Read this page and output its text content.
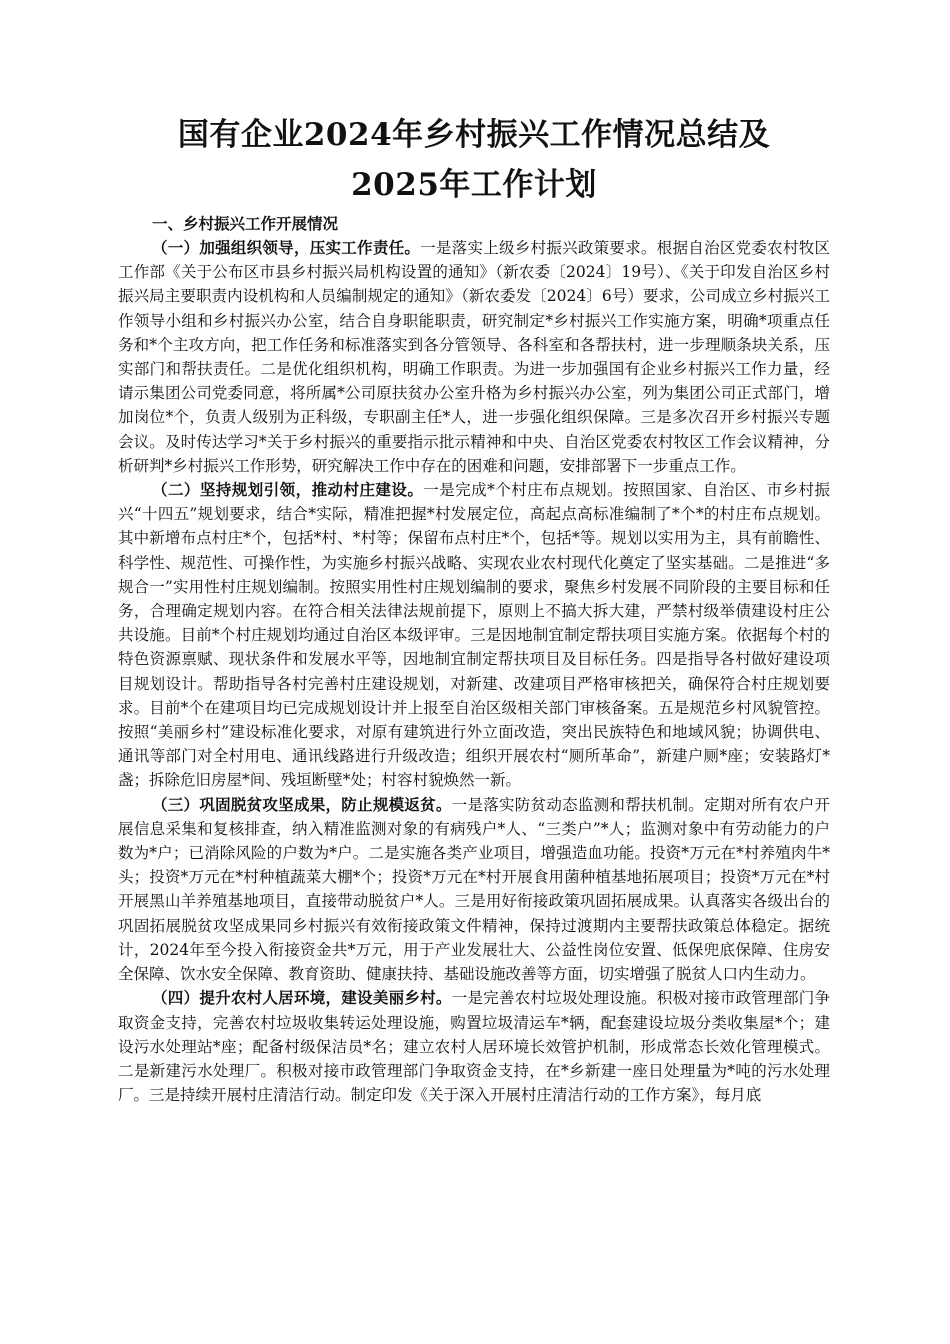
国有企业2024年乡村振兴工作情况总结及
2025年工作计划
一、乡村振兴工作开展情况

（一）加强组织领导，压实工作责任。一是落实上级乡村振兴政策要求。根据自治区党委农村牧区工作部《关于公布区市县乡村振兴局机构设置的通知》（新农委〔2024〕19号）、《关于印发自治区乡村振兴局主要职责内设机构和人员编制规定的通知》（新农委发〔2024〕6号）要求，公司成立乡村振兴工作领导小组和乡村振兴办公室，结合自身职能职责，研究制定*乡村振兴工作实施方案，明确*项重点任务和*个主攻方向，把工作任务和标准落实到各分管领导、各科室和各帮扶村，进一步理顺条块关系，压实部门和帮扶责任。二是优化组织机构，明确工作职责。为进一步加强国有企业乡村振兴工作力量，经请示集团公司党委同意，将所属*公司原扶贫办公室升格为乡村振兴办公室，列为集团公司正式部门，增加岗位*个，负责人级别为正科级，专职副主任*人，进一步强化组织保障。三是多次召开乡村振兴专题会议。及时传达学习*关于乡村振兴的重要指示批示精神和中央、自治区党委农村牧区工作会议精神，分析研判*乡村振兴工作形势，研究解决工作中存在的困难和问题，安排部署下一步重点工作。

（二）坚持规划引领，推动村庄建设。一是完成*个村庄布点规划。按照国家、自治区、市乡村振兴“十四五”规划要求，结合*实际，精准把握*村发展定位，高起点高标准编制了*个*的村庄布点规划。其中新增布点村庄*个，包括*村、*村等；保留布点村庄*个，包括*等。规划以实用为主，具有前瞻性、科学性、规范性、可操作性，为实施乡村振兴战略、实现农业农村现代化奠定了坚实基础。二是推进“多规合一”实用性村庄规划编制。按照实用性村庄规划编制的要求，聚焦乡村发展不同阶段的主要目标和任务，合理确定规划内容。在符合相关法律法规前提下，原则上不搞大拆大建，严禁村级举债建设村庄公共设施。目前*个村庄规划均通过自治区本级评审。三是因地制宜制定帮扶项目实施方案。依据每个村的特色资源禀赋、现状条件和发展水平等，因地制宜制定帮扶项目及目标任务。四是指导各村做好建设项目规划设计。帮助指导各村完善村庄建设规划，对新建、改建项目严格审核把关，确保符合村庄规划要求。目前*个在建项目均已完成规划设计并上报至自治区级相关部门审核备案。五是规范乡村风貌管控。按照“美丽乡村”建设标准化要求，对原有建筑进行外立面改造，突出民族特色和地域风貌；协调供电、通讯等部门对全村用电、通讯线路进行升级改造；组织开展农村“厕所革命”，新建户厕*座；安装路灯*盏；拆除危旧房屋*间、残垣断壁*处；村容村貌焕然一新。

（三）巩固脱贫攻坚成果，防止规模返贫。一是落实防贫动态监测和帮扶机制。定期对所有农户开展信息采集和复核排查，纳入精准监测对象的有病残户*人、“三类户”*人；监测对象中有劳动能力的户数为*户；已消除风险的户数为*户。二是实施各类产业项目，增强造血功能。投资*万元在*村养殖肉牛*头；投资*万元在*村种植蔬菜大棚*个；投资*万元在*村开展食用菌种植基地拓展项目；投资*万元在*村开展黑山羊养殖基地项目，直接带动脱贫户*人。三是用好衔接政策巩固拓展成果。认真落实各级出台的巩固拓展脱贫攻坚成果同乡村振兴有效衔接政策文件精神，保持过渡期内主要帮扶政策总体稳定。据统计，2024年至今投入衔接资金共*万元，用于产业发展壮大、公益性岗位安置、低保兜底保障、住房安全保障、饮水安全保障、教育资助、健康扶持、基础设施改善等方面，切实增强了脱贫人口内生动力。

（四）提升农村人居环境，建设美丽乡村。一是完善农村垃圾处理设施。积极对接市政管理部门争取资金支持，完善农村垃圾收集转运处理设施，购置垃圾清运车*辆，配套建设垃圾分类收集屋*个；建设污水处理站*座；配备村级保洁员*名；建立农村人居环境长效管护机制，形成常态长效化管理模式。二是新建污水处理厂。积极对接市政管理部门争取资金支持，在*乡新建一座日处理量为*吨的污水处理厂。三是持续开展村庄清洁行动。制定印发《关于深入开展村庄清洁行动的工作方案》，每月底
